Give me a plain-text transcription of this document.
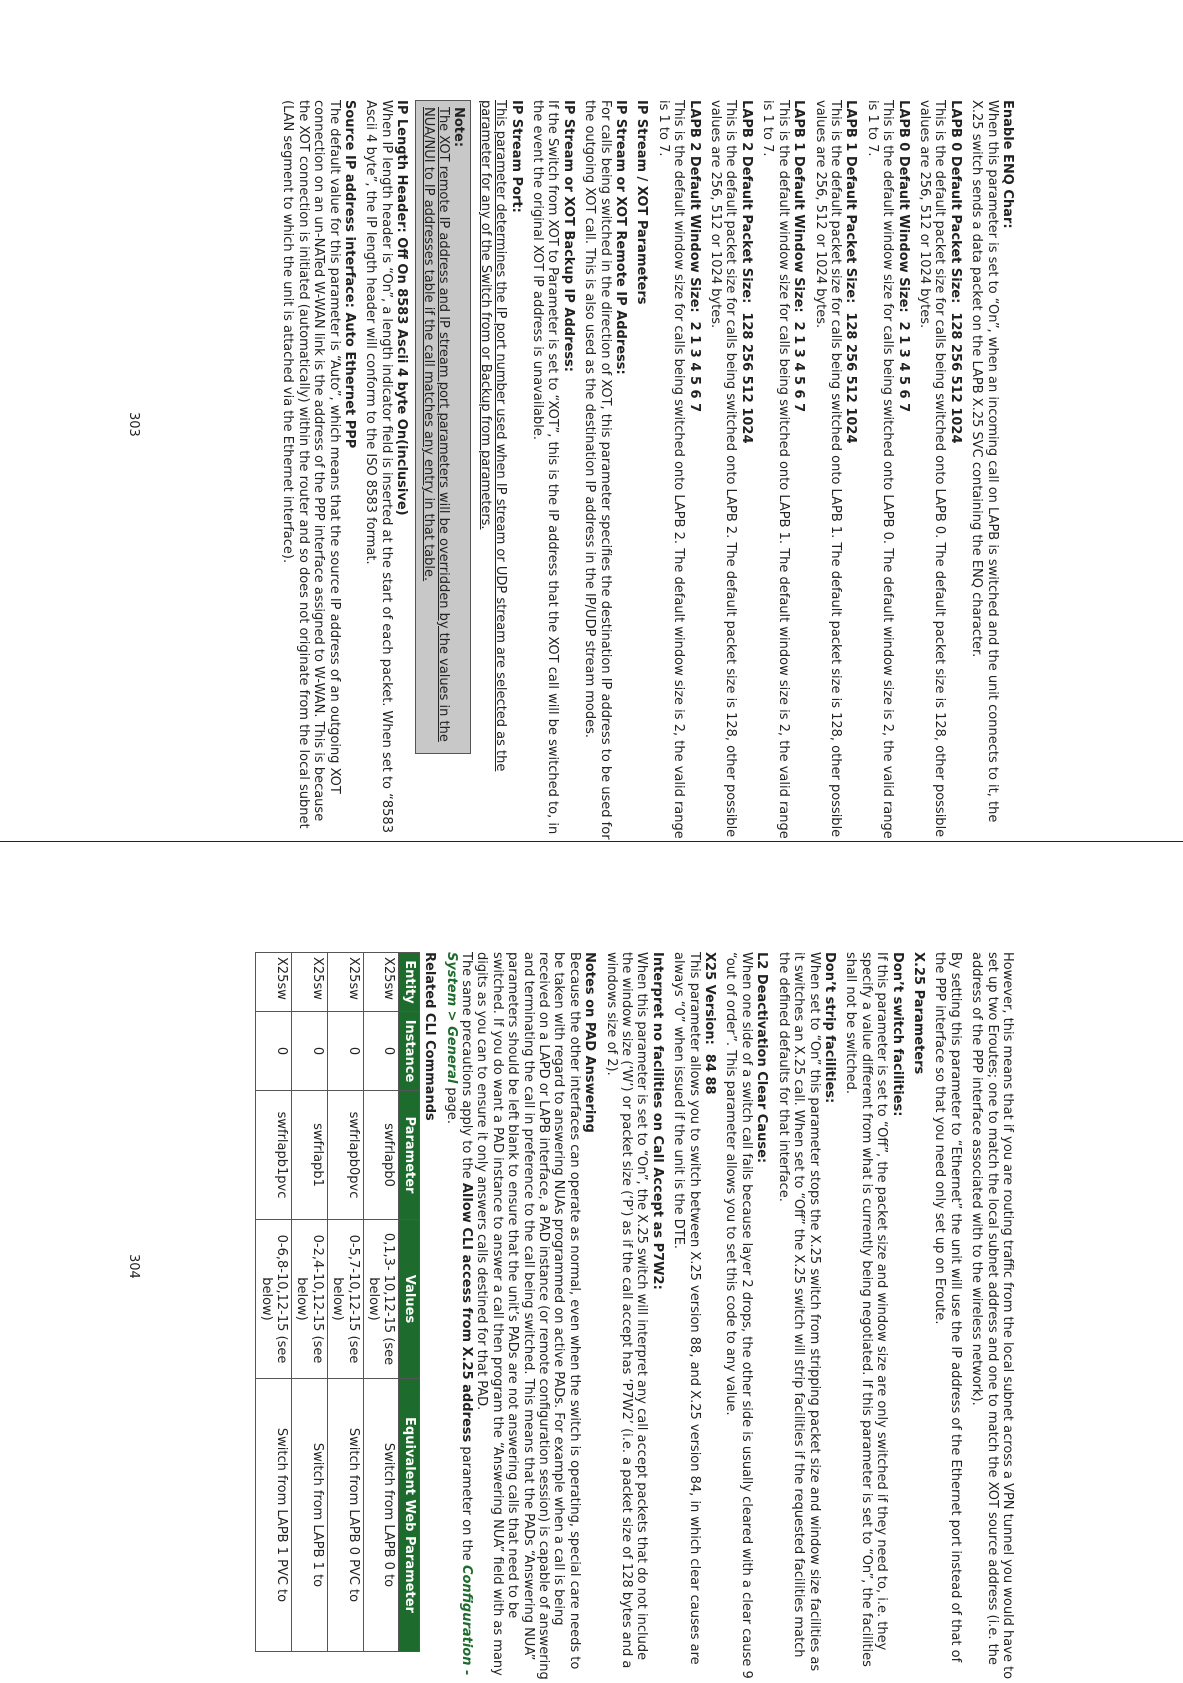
Enable ENQ Char:
When this parameter is set to “On”, when an incoming call on LAPB is switched and the unit connects to it, the X.25 switch sends a data packet on the LAPB X.25 SVC containing the ENQ character.

LAPB 0 Default Packet Size:  128 256 512 1024
This is the default packet size for calls being switched onto LAPB 0. The default packet size is 128, other possible values are 256, 512 or 1024 bytes.

LAPB 0 Default Window Size:  2 1 3 4 5 6 7
This is the default window size for calls being switched onto LAPB 0. The default window size is 2, the valid range is 1 to 7.

LAPB 1 Default Packet Size:  128 256 512 1024
This is the default packet size for calls being switched onto LAPB 1. The default packet size is 128, other possible values are 256, 512 or 1024 bytes.

LAPB 1 Default Window Size:  2 1 3 4 5 6 7
This is the default window size for calls being switched onto LAPB 1. The default window size is 2, the valid range is 1 to 7.

LAPB 2 Default Packet Size:  128 256 512 1024
This is the default packet size for calls being switched onto LAPB 2. The default packet size is 128, other possible values are 256, 512 or 1024 bytes.

LAPB 2 Default Window Size:  2 1 3 4 5 6 7
This is the default window size for calls being switched onto LAPB 2. The default window size is 2, the valid range is 1 to 7.

IP Stream / XOT Parameters

IP Stream or XOT Remote IP Address:
For calls being switched in the direction of XOT, this parameter specifies the destination IP address to be used for the outgoing XOT call. This is also used as the destination IP address in the IP/UDP stream modes.

IP Stream or XOT Backup IP Address:
If the Switch from XOT to Parameter is set to “XOT”, this is the IP address that the XOT call will be switched to, in the event the original XOT IP address is unavailable.

IP Stream Port:
This parameter determines the IP port number used when IP stream or UDP stream are selected as the parameter for any of the Switch from or Backup from parameters.

Note:
The XOT remote IP address and IP stream port parameters will be overridden by the values in the NUA/NUI to IP addresses table if the call matches any entry in that table.

IP Length Header: Off On 8583 Ascii 4 byte On(inclusive)
When IP length header is “On”, a length indicator field is inserted at the start of each packet. When set to “8583 Ascii 4 byte”, the IP length header will conform to the ISO 8583 format.

Source IP address interface: Auto Ethernet PPP
The default value for this parameter is “Auto”, which means that the source IP address of an outgoing XOT connection on an un-NATed W-WAN link is the address of the PPP interface assigned to W-WAN. This is because the XOT connection is initiated (automatically) within the router and so does not originate from the local subnet (LAN segment to which the unit is attached via the Ethernet interface).

303

However, this means that if you are routing traffic from the local subnet across a VPN tunnel you would have to set up two Eroutes; one to match the local subnet address and one to match the XOT source address (i.e. the address of the PPP interface associated with to the wireless network).

By setting this parameter to “Ethernet” the unit will use the IP address of the Ethernet port instead of that of the PPP interface so that you need only set up on Eroute.

X.25 Parameters

Don’t switch facilities:
If this parameter is set to “Off”, the packet size and window size are only switched if they need to, i.e. they specify a value different from what is currently being negotiated. If this parameter is set to “On”, the facilities shall not be switched.

Don’t strip facilities:
When set to “On” this parameter stops the X.25 switch from stripping packet size and window size facilities as it switches an X.25 call. When set to “Off” the X.25 switch will strip facilities if the requested facilities match the defined defaults for that interface.

L2 Deactivation Clear Cause:
When one side of a switch call fails because layer 2 drops, the other side is usually cleared with a clear cause 9 “out of order”. This parameter allows you to set this code to any value.

X25 Version:  84 88
This parameter allows you to switch between X.25 version 88, and X.25 version 84, in which clear causes are always “0” when issued if the unit is the DTE.

Interpret no facilities on Call Accept as P7W2:
When this parameter is set to “On”, the X.25 switch will interpret any call accept packets that do not include the window size (‘W’) or packet size (‘P’) as if the call accept has ‘P7W2’ (i.e. a packet size of 128 bytes and a windows size of 2).

Notes on PAD Answering
Because the other interfaces can operate as normal, even when the switch is operating, special care needs to be taken with regard to answering NUAs programmed on active PADs. For example when a call is being received on a LAPD or LAPB interface, a PAD instance (or remote configuration session) is capable of answering and terminating the call in preference to the call being switched. This means that the PADs “Answering NUA” parameters should be left blank to ensure that the unit’s PADs are not answering calls that need to be switched. If you do want a PAD instance to answer a call then program the “Answering NUA” field with as many digits as you can to ensure it only answers calls destined for that PAD.

The same precautions apply to the Allow CLI access from X.25 address parameter on the Configuration - System > General page.

Related CLI Commands
Entity	Instance	Parameter	Values	Equivalent Web Parameter
X25sw	0	swfrlapb0	0,1,3- 10,12-15 (see below)	Switch from LAPB 0 to
X25sw	0	swfrlapb0pvc	0-5,7-10,12-15 (see below)	Switch from LAPB 0 PVC to
X25sw	0	swfrlapb1	0-2,4-10,12-15 (see below)	Switch from LAPB 1 to
X25sw	0	swfrlapb1pvc	0-6,8-10,12-15 (see below)	Switch from LAPB 1 PVC to
304
